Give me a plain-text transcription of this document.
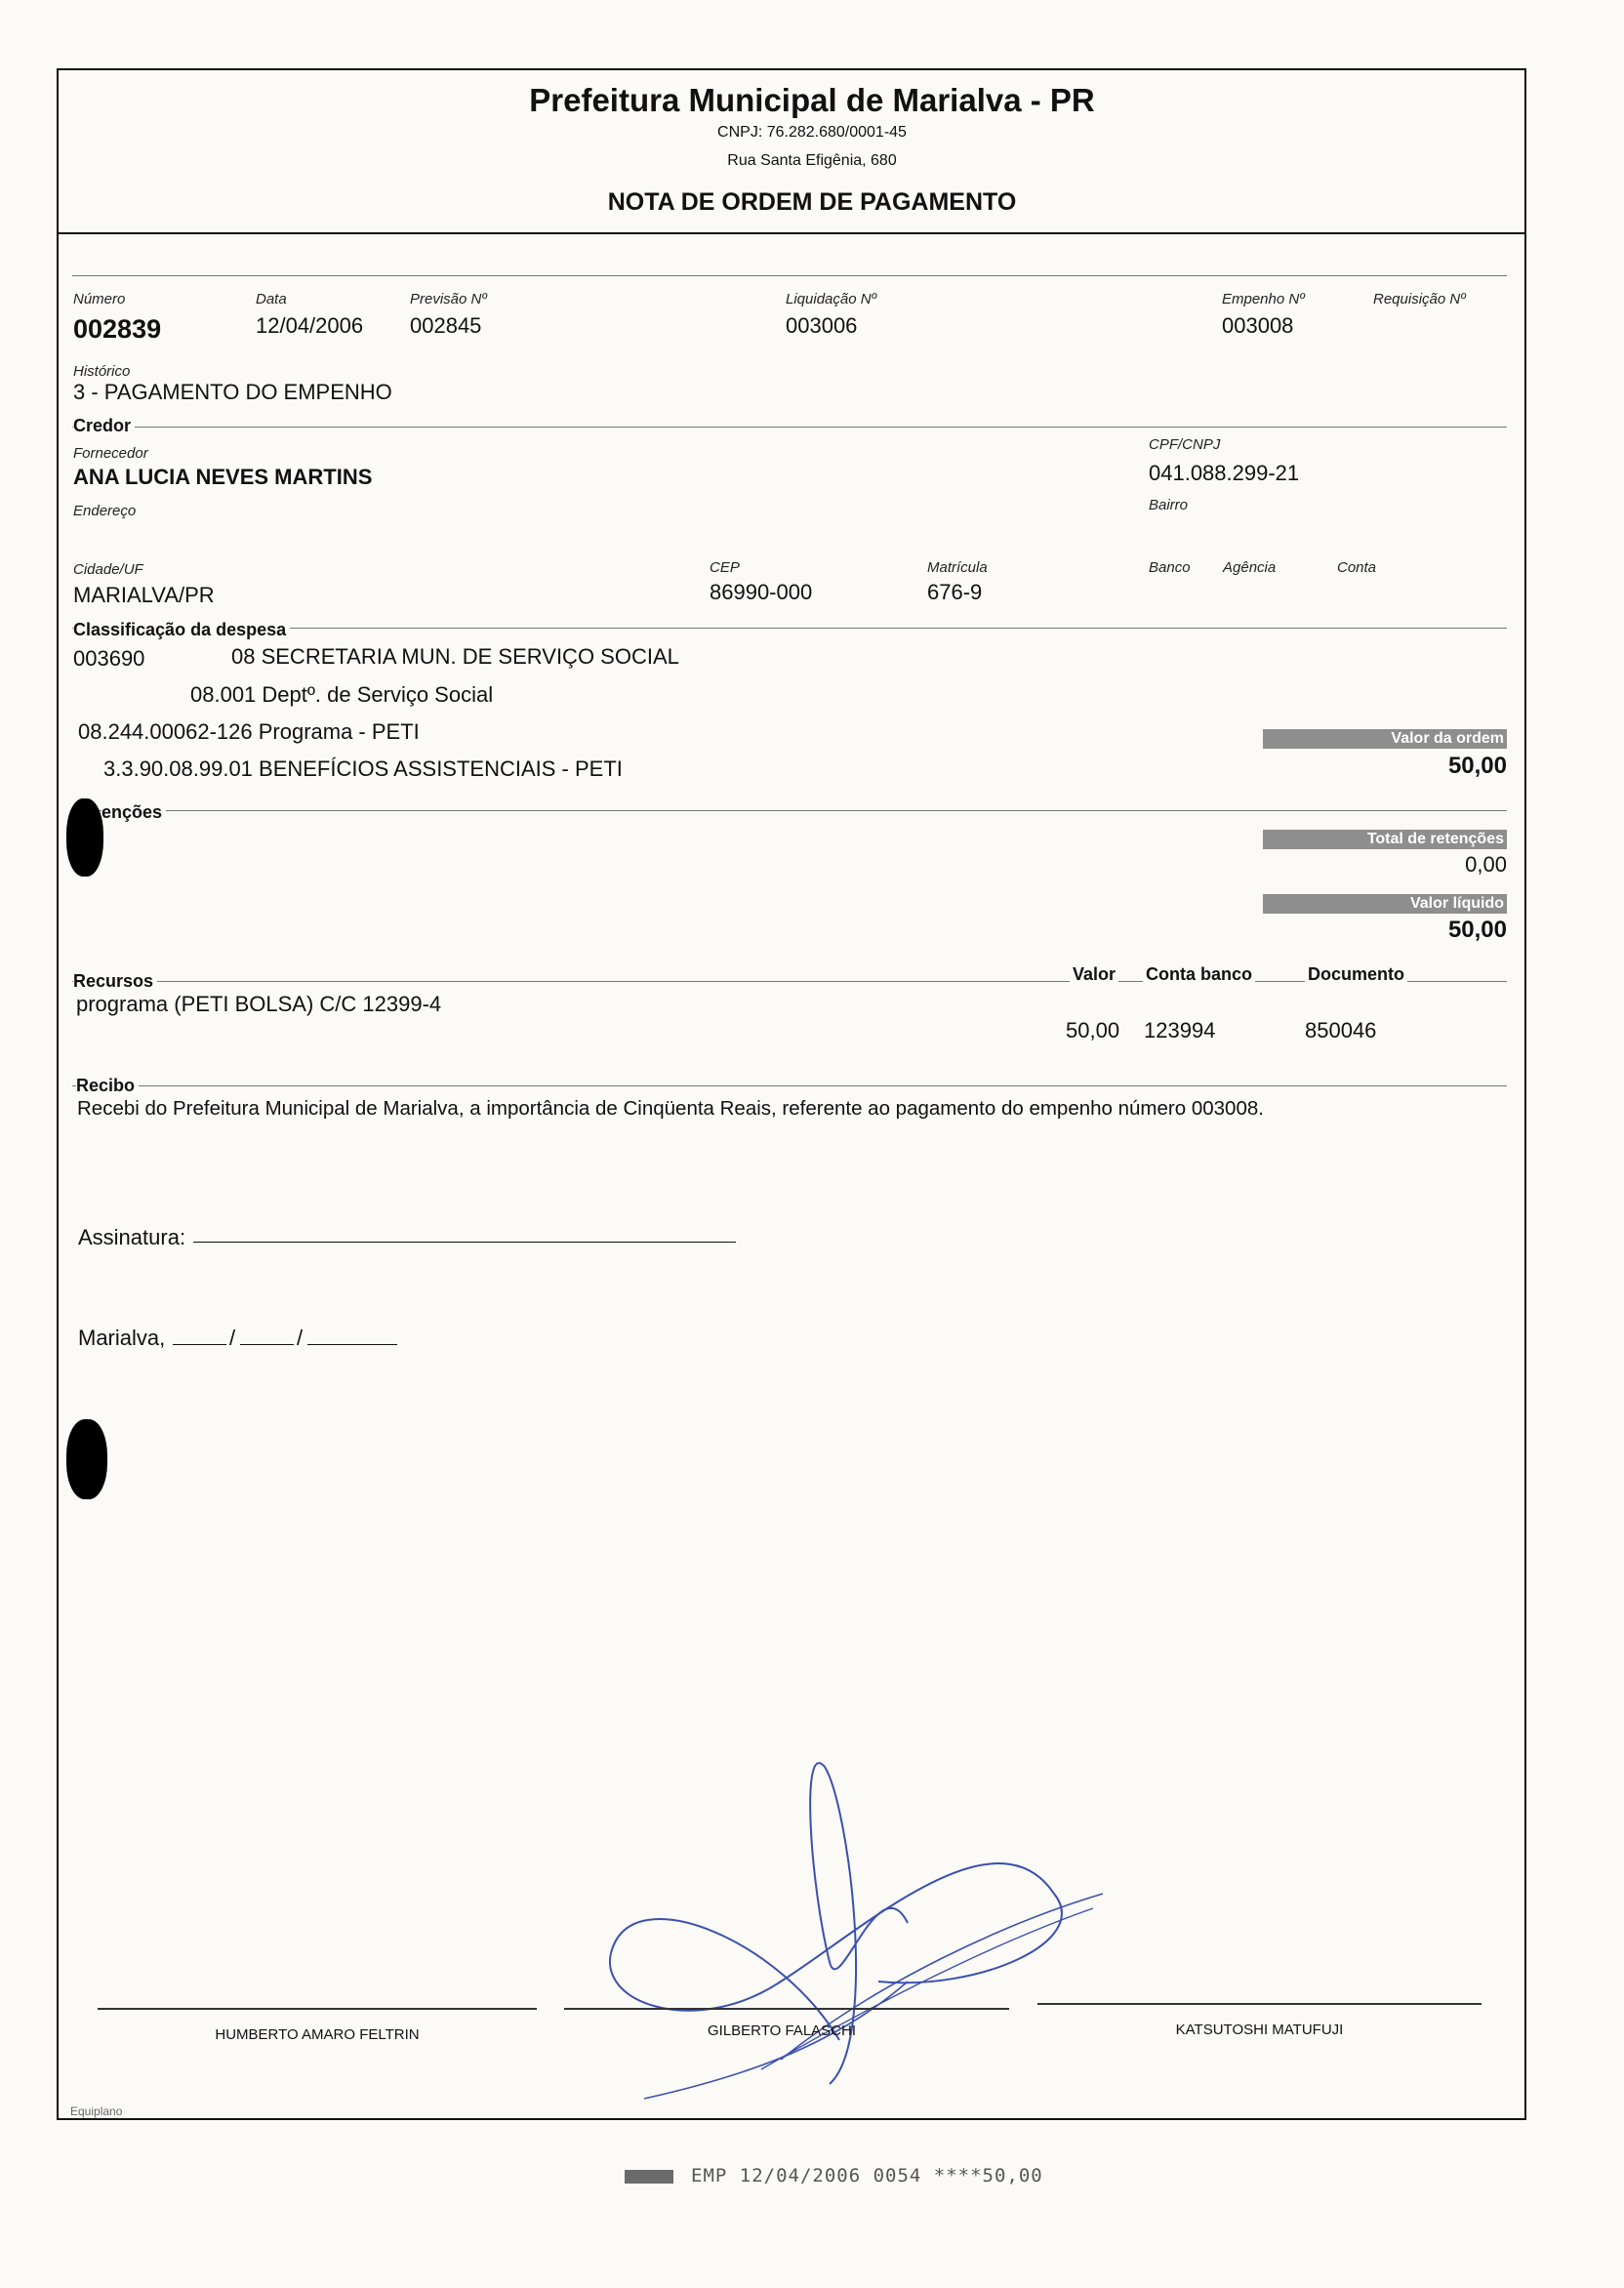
Prefeitura Municipal de Marialva - PR
CNPJ: 76.282.680/0001-45
Rua Santa Efigênia, 680
NOTA DE ORDEM DE PAGAMENTO
Número
002839
Data
12/04/2006
Previsão Nº
002845
Liquidação Nº
003006
Empenho Nº
003008
Requisição Nº
Histórico
3 - PAGAMENTO DO EMPENHO
Credor
Fornecedor
ANA LUCIA NEVES MARTINS
CPF/CNPJ
041.088.299-21
Endereço	Bairro
Cidade/UF
MARIALVA/PR
CEP
86990-000
Matrícula
676-9
Banco Agência	Conta
Classificação da despesa
003690	08 SECRETARIA MUN. DE SERVIÇO SOCIAL
08.001 Deptº. de Serviço Social
08.244.00062-126 Programa - PETI
3.3.90.08.99.01 BENEFÍCIOS ASSISTENCIAIS - PETI
Valor da ordem
50,00
enções
Total de retenções
0,00
Valor líquido
50,00
Recursos	Valor Conta banco	Documento
programa (PETI BOLSA) C/C 12399-4
50,00 123994	850046
Recibo
Recebi do Prefeitura Municipal de Marialva, a importância de Cinqüenta Reais, referente ao pagamento do empenho número 003008.
Assinatura:
Marialva,	/	/
HUMBERTO AMARO FELTRIN	GILBERTO FALASCHI	KATSUTOSHI MATUFUJI
Equiplano
EMP 12/04/2006 0054 ****50,00
